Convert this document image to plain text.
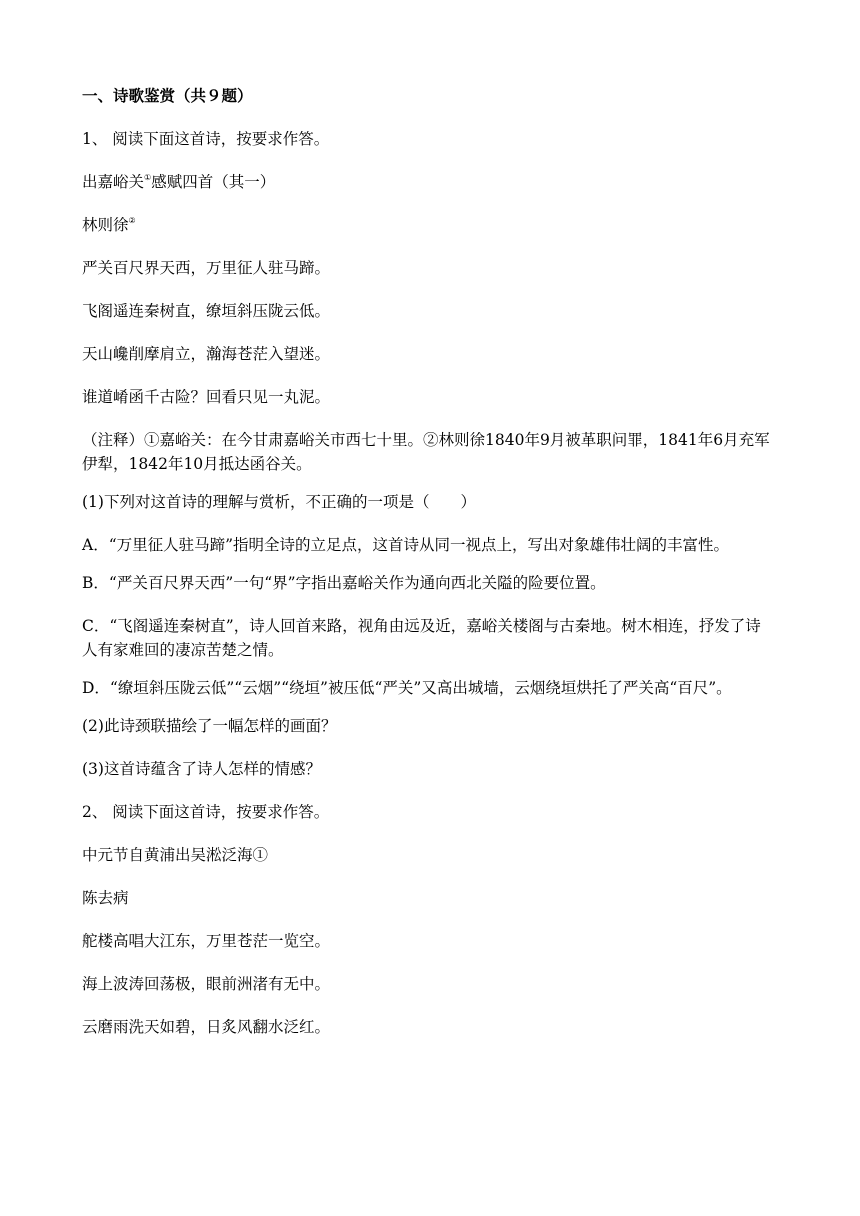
一、诗歌鉴赏（共９题）

1、 阅读下面这首诗，按要求作答。

出嘉峪关①感赋四首（其一）

林则徐②

严关百尺界天西，万里征人驻马蹄。

飞阁遥连秦树直，缭垣斜压陇云低。

天山巉削摩肩立，瀚海苍茫入望迷。

谁道崤函千古险？回看只见一丸泥。

（注释）①嘉峪关：在今甘肃嘉峪关市西七十里。②林则徐1840年9月被革职问罪，1841年6月充军伊犁，1842年10月抵达函谷关。

(1)下列对这首诗的理解与赏析，不正确的一项是（　　）

A．“万里征人驻马蹄”指明全诗的立足点，这首诗从同一视点上，写出对象雄伟壮阔的丰富性。

B．“严关百尺界天西”一句“界”字指出嘉峪关作为通向西北关隘的险要位置。

C．“飞阁遥连秦树直”，诗人回首来路，视角由远及近，嘉峪关楼阁与古秦地。树木相连，抒发了诗人有家难回的凄凉苦楚之情。

D．“缭垣斜压陇云低”“云烟”“绕垣”被压低“严关”又高出城墙，云烟绕垣烘托了严关高“百尺”。

(2)此诗颈联描绘了一幅怎样的画面？

(3)这首诗蕴含了诗人怎样的情感？

2、 阅读下面这首诗，按要求作答。

中元节自黄浦出吴淞泛海①

陈去病

舵楼高唱大江东，万里苍茫一览空。

海上波涛回荡极，眼前洲渚有无中。

云磨雨洗天如碧，日炙风翻水泛红。
